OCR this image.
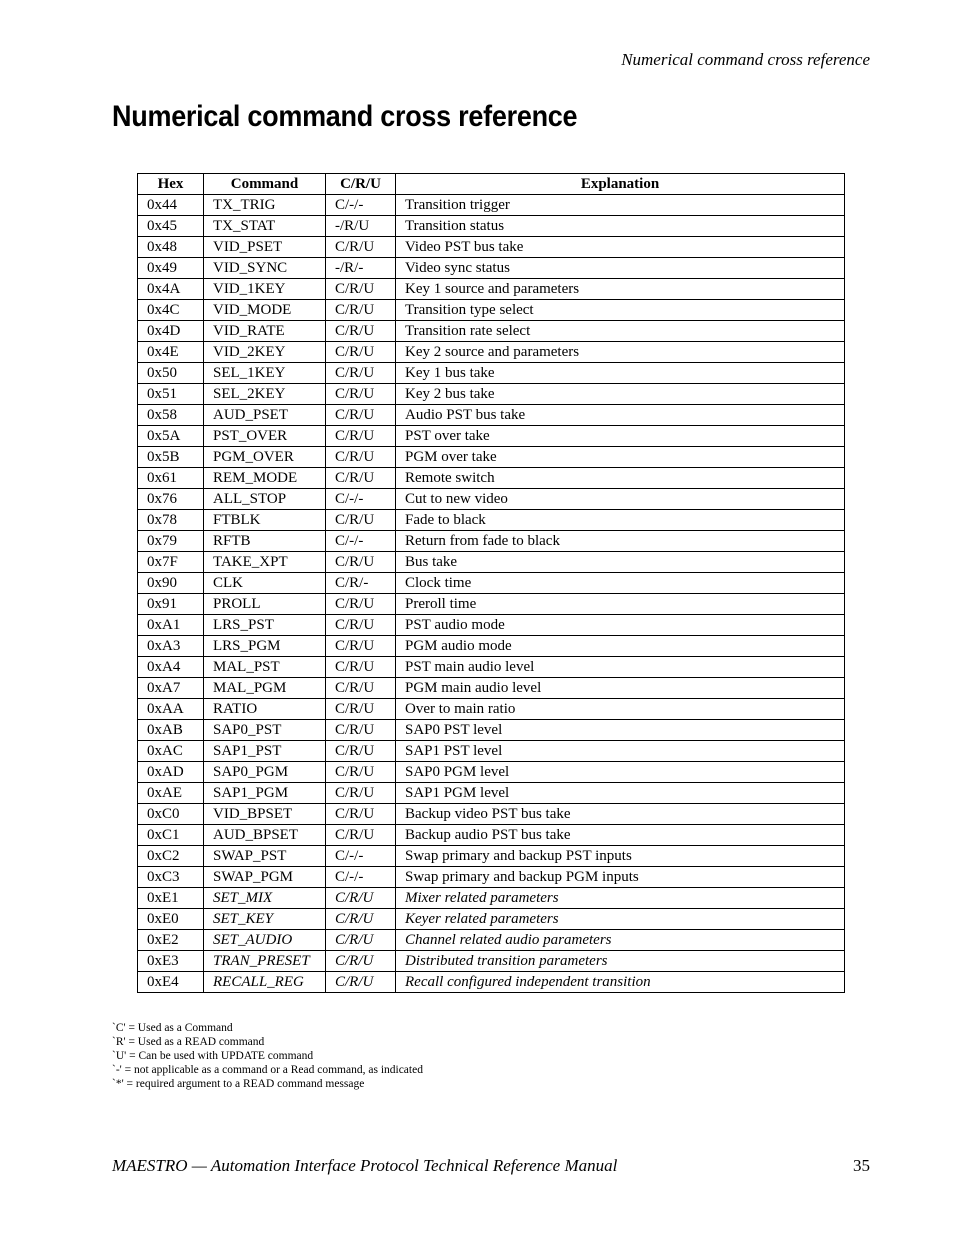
Numerical command cross reference
Numerical command cross reference
Hex	Command	C/R/U	Explanation
0x44	TX_TRIG	C/-/-	Transition trigger
0x45	TX_STAT	-/R/U	Transition status
0x48	VID_PSET	C/R/U	Video PST bus take
0x49	VID_SYNC	-/R/-	Video sync status
0x4A	VID_1KEY	C/R/U	Key 1 source and parameters
0x4C	VID_MODE	C/R/U	Transition type select
0x4D	VID_RATE	C/R/U	Transition rate select
0x4E	VID_2KEY	C/R/U	Key 2 source and parameters
0x50	SEL_1KEY	C/R/U	Key 1 bus take
0x51	SEL_2KEY	C/R/U	Key 2 bus take
0x58	AUD_PSET	C/R/U	Audio PST bus take
0x5A	PST_OVER	C/R/U	PST over take
0x5B	PGM_OVER	C/R/U	PGM over take
0x61	REM_MODE	C/R/U	Remote switch
0x76	ALL_STOP	C/-/-	Cut to new video
0x78	FTBLK	C/R/U	Fade to black
0x79	RFTB	C/-/-	Return from fade to black
0x7F	TAKE_XPT	C/R/U	Bus take
0x90	CLK	C/R/-	Clock time
0x91	PROLL	C/R/U	Preroll time
0xA1	LRS_PST	C/R/U	PST audio mode
0xA3	LRS_PGM	C/R/U	PGM audio mode
0xA4	MAL_PST	C/R/U	PST main audio level
0xA7	MAL_PGM	C/R/U	PGM main audio level
0xAA	RATIO	C/R/U	Over to main ratio
0xAB	SAP0_PST	C/R/U	SAP0 PST level
0xAC	SAP1_PST	C/R/U	SAP1 PST level
0xAD	SAP0_PGM	C/R/U	SAP0 PGM level
0xAE	SAP1_PGM	C/R/U	SAP1 PGM level
0xC0	VID_BPSET	C/R/U	Backup video PST bus take
0xC1	AUD_BPSET	C/R/U	Backup audio PST bus take
0xC2	SWAP_PST	C/-/-	Swap primary and backup PST inputs
0xC3	SWAP_PGM	C/-/-	Swap primary and backup PGM inputs
0xE1	SET_MIX	C/R/U	Mixer related parameters
0xE0	SET_KEY	C/R/U	Keyer related parameters
0xE2	SET_AUDIO	C/R/U	Channel related audio parameters
0xE3	TRAN_PRESET	C/R/U	Distributed transition parameters
0xE4	RECALL_REG	C/R/U	Recall configured independent transition
`C' = Used as a Command
`R' = Used as a READ command
`U' = Can be used with UPDATE command
`-' = not applicable as a command or a Read command, as indicated
`*' = required argument to a READ command message
MAESTRO — Automation Interface Protocol Technical Reference Manual	35
